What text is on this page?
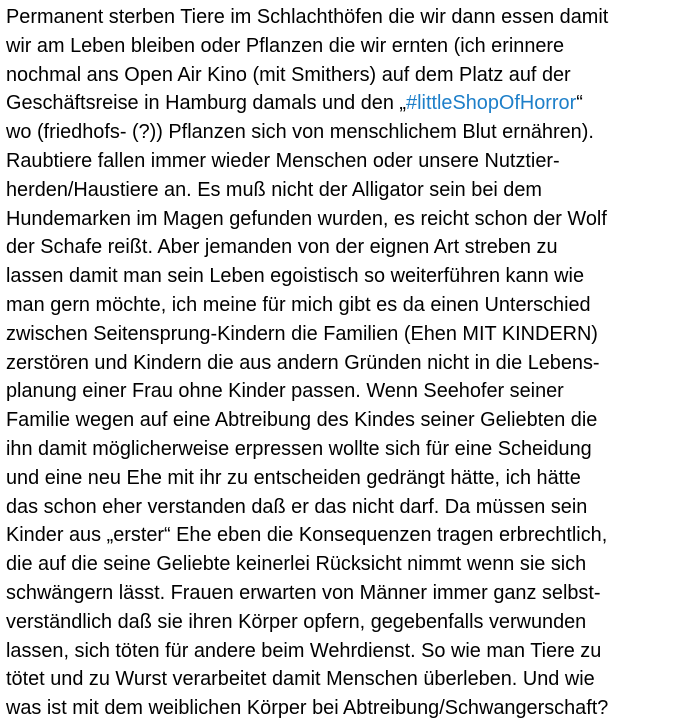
Permanent sterben Tiere im Schlachthöfen die wir dann essen damit
wir am Leben bleiben oder Pflanzen die wir ernten (ich erinnere
nochmal ans Open Air Kino (mit Smithers) auf dem Platz auf der
Geschäftsreise in Hamburg damals und den „#littleShopOfHorror“
wo (friedhofs- (?)) Pflanzen sich von menschlichem Blut ernähren).
Raubtiere fallen immer wieder Menschen oder unsere Nutztier-
herden/Haustiere an. Es muß nicht der Alligator sein bei dem
Hundemarken im Magen gefunden wurden, es reicht schon der Wolf
der Schafe reißt. Aber jemanden von der eignen Art streben zu
lassen damit man sein Leben egoistisch so weiterführen kann wie
man gern möchte, ich meine für mich gibt es da einen Unterschied
zwischen Seitensprung-Kindern die Familien (Ehen MIT KINDERN)
zerstören und Kindern die aus andern Gründen nicht in die Lebens-
planung einer Frau ohne Kinder passen. Wenn Seehofer seiner
Familie wegen auf eine Abtreibung des Kindes seiner Geliebten die
ihn damit möglicherweise erpressen wollte sich für eine Scheidung
und eine neu Ehe mit ihr zu entscheiden gedrängt hätte, ich hätte
das schon eher verstanden daß er das nicht darf. Da müssen sein
Kinder aus „erster“ Ehe eben die Konsequenzen tragen erbrechtlich,
die auf die seine Geliebte keinerlei Rücksicht nimmt wenn sie sich
schwängern lässt. Frauen erwarten von Männer immer ganz selbst-
verständlich daß sie ihren Körper opfern, gegebenfalls verwunden
lassen, sich töten für andere beim Wehrdienst. So wie man Tiere zu
tötet und zu Wurst verarbeitet damit Menschen überleben. Und wie
was ist mit dem weiblichen Körper bei Abtreibung/Schwangerschaft?
